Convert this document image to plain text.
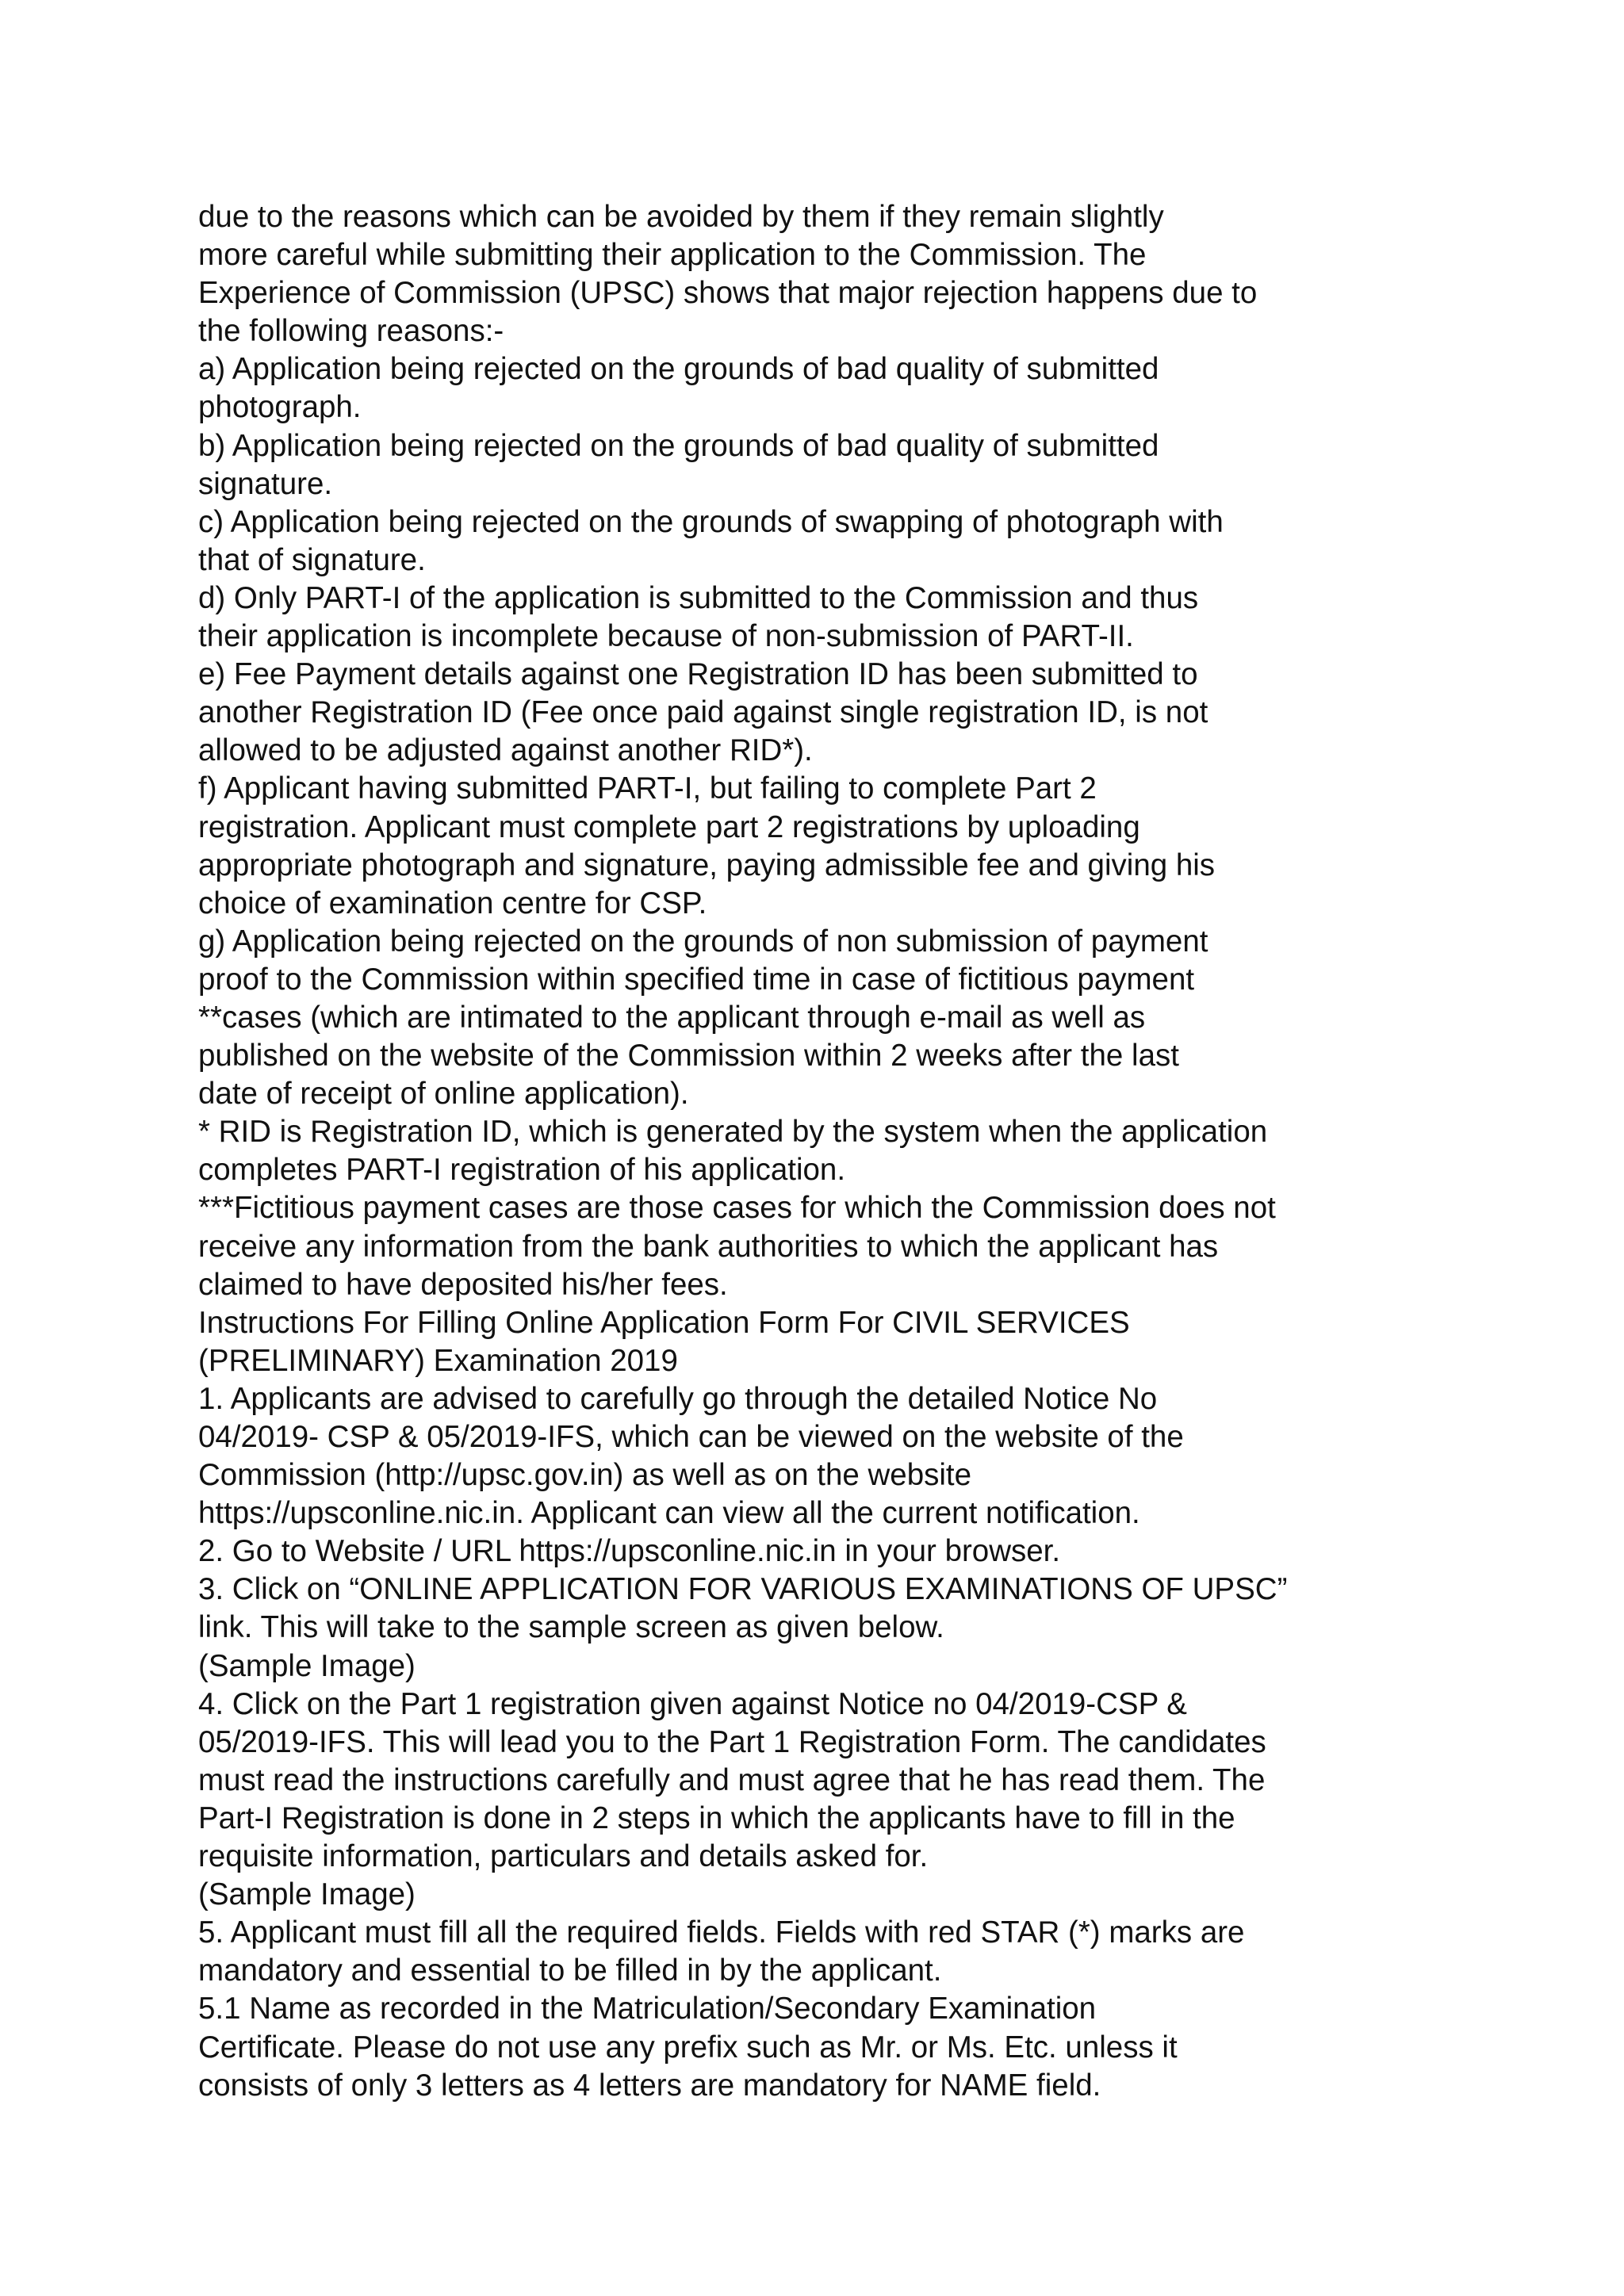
due to the reasons which can be avoided by them if they remain slightly
more careful while submitting their application to the Commission. The
Experience of Commission (UPSC) shows that major rejection happens due to
the following reasons:-
a) Application being rejected on the grounds of bad quality of submitted
photograph.
b) Application being rejected on the grounds of bad quality of submitted
signature.
c) Application being rejected on the grounds of swapping of photograph with
that of signature.
d) Only PART-I of the application is submitted to the Commission and thus
their application is incomplete because of non-submission of PART-II.
e) Fee Payment details against one Registration ID has been submitted to
another Registration ID (Fee once paid against single registration ID, is not
allowed to be adjusted against another RID*).
f) Applicant having submitted PART-I, but failing to complete Part 2
registration. Applicant must complete part 2 registrations by uploading
appropriate photograph and signature, paying admissible fee and giving his
choice of examination centre for CSP.
g) Application being rejected on the grounds of non submission of payment
proof to the Commission within specified time in case of fictitious payment
**cases (which are intimated to the applicant through e-mail as well as
published on the website of the Commission within 2 weeks after the last
date of receipt of online application).
* RID is Registration ID, which is generated by the system when the application
completes PART-I registration of his application.
***Fictitious payment cases are those cases for which the Commission does not
receive any information from the bank authorities to which the applicant has
claimed to have deposited his/her fees.
Instructions For Filling Online Application Form For CIVIL SERVICES
(PRELIMINARY) Examination 2019
1. Applicants are advised to carefully go through the detailed Notice No
04/2019- CSP & 05/2019-IFS, which can be viewed on the website of the
Commission (http://upsc.gov.in) as well as on the website
https://upsconline.nic.in. Applicant can view all the current notification.
2. Go to Website / URL https://upsconline.nic.in in your browser.
3. Click on “ONLINE APPLICATION FOR VARIOUS EXAMINATIONS OF UPSC”
link. This will take to the sample screen as given below.
(Sample Image)
4. Click on the Part 1 registration given against Notice no 04/2019-CSP &
05/2019-IFS. This will lead you to the Part 1 Registration Form. The candidates
must read the instructions carefully and must agree that he has read them. The
Part-I Registration is done in 2 steps in which the applicants have to fill in the
requisite information, particulars and details asked for.
(Sample Image)
5. Applicant must fill all the required fields. Fields with red STAR (*) marks are
mandatory and essential to be filled in by the applicant.
5.1 Name as recorded in the Matriculation/Secondary Examination
Certificate. Please do not use any prefix such as Mr. or Ms. Etc. unless it
consists of only 3 letters as 4 letters are mandatory for NAME field.
